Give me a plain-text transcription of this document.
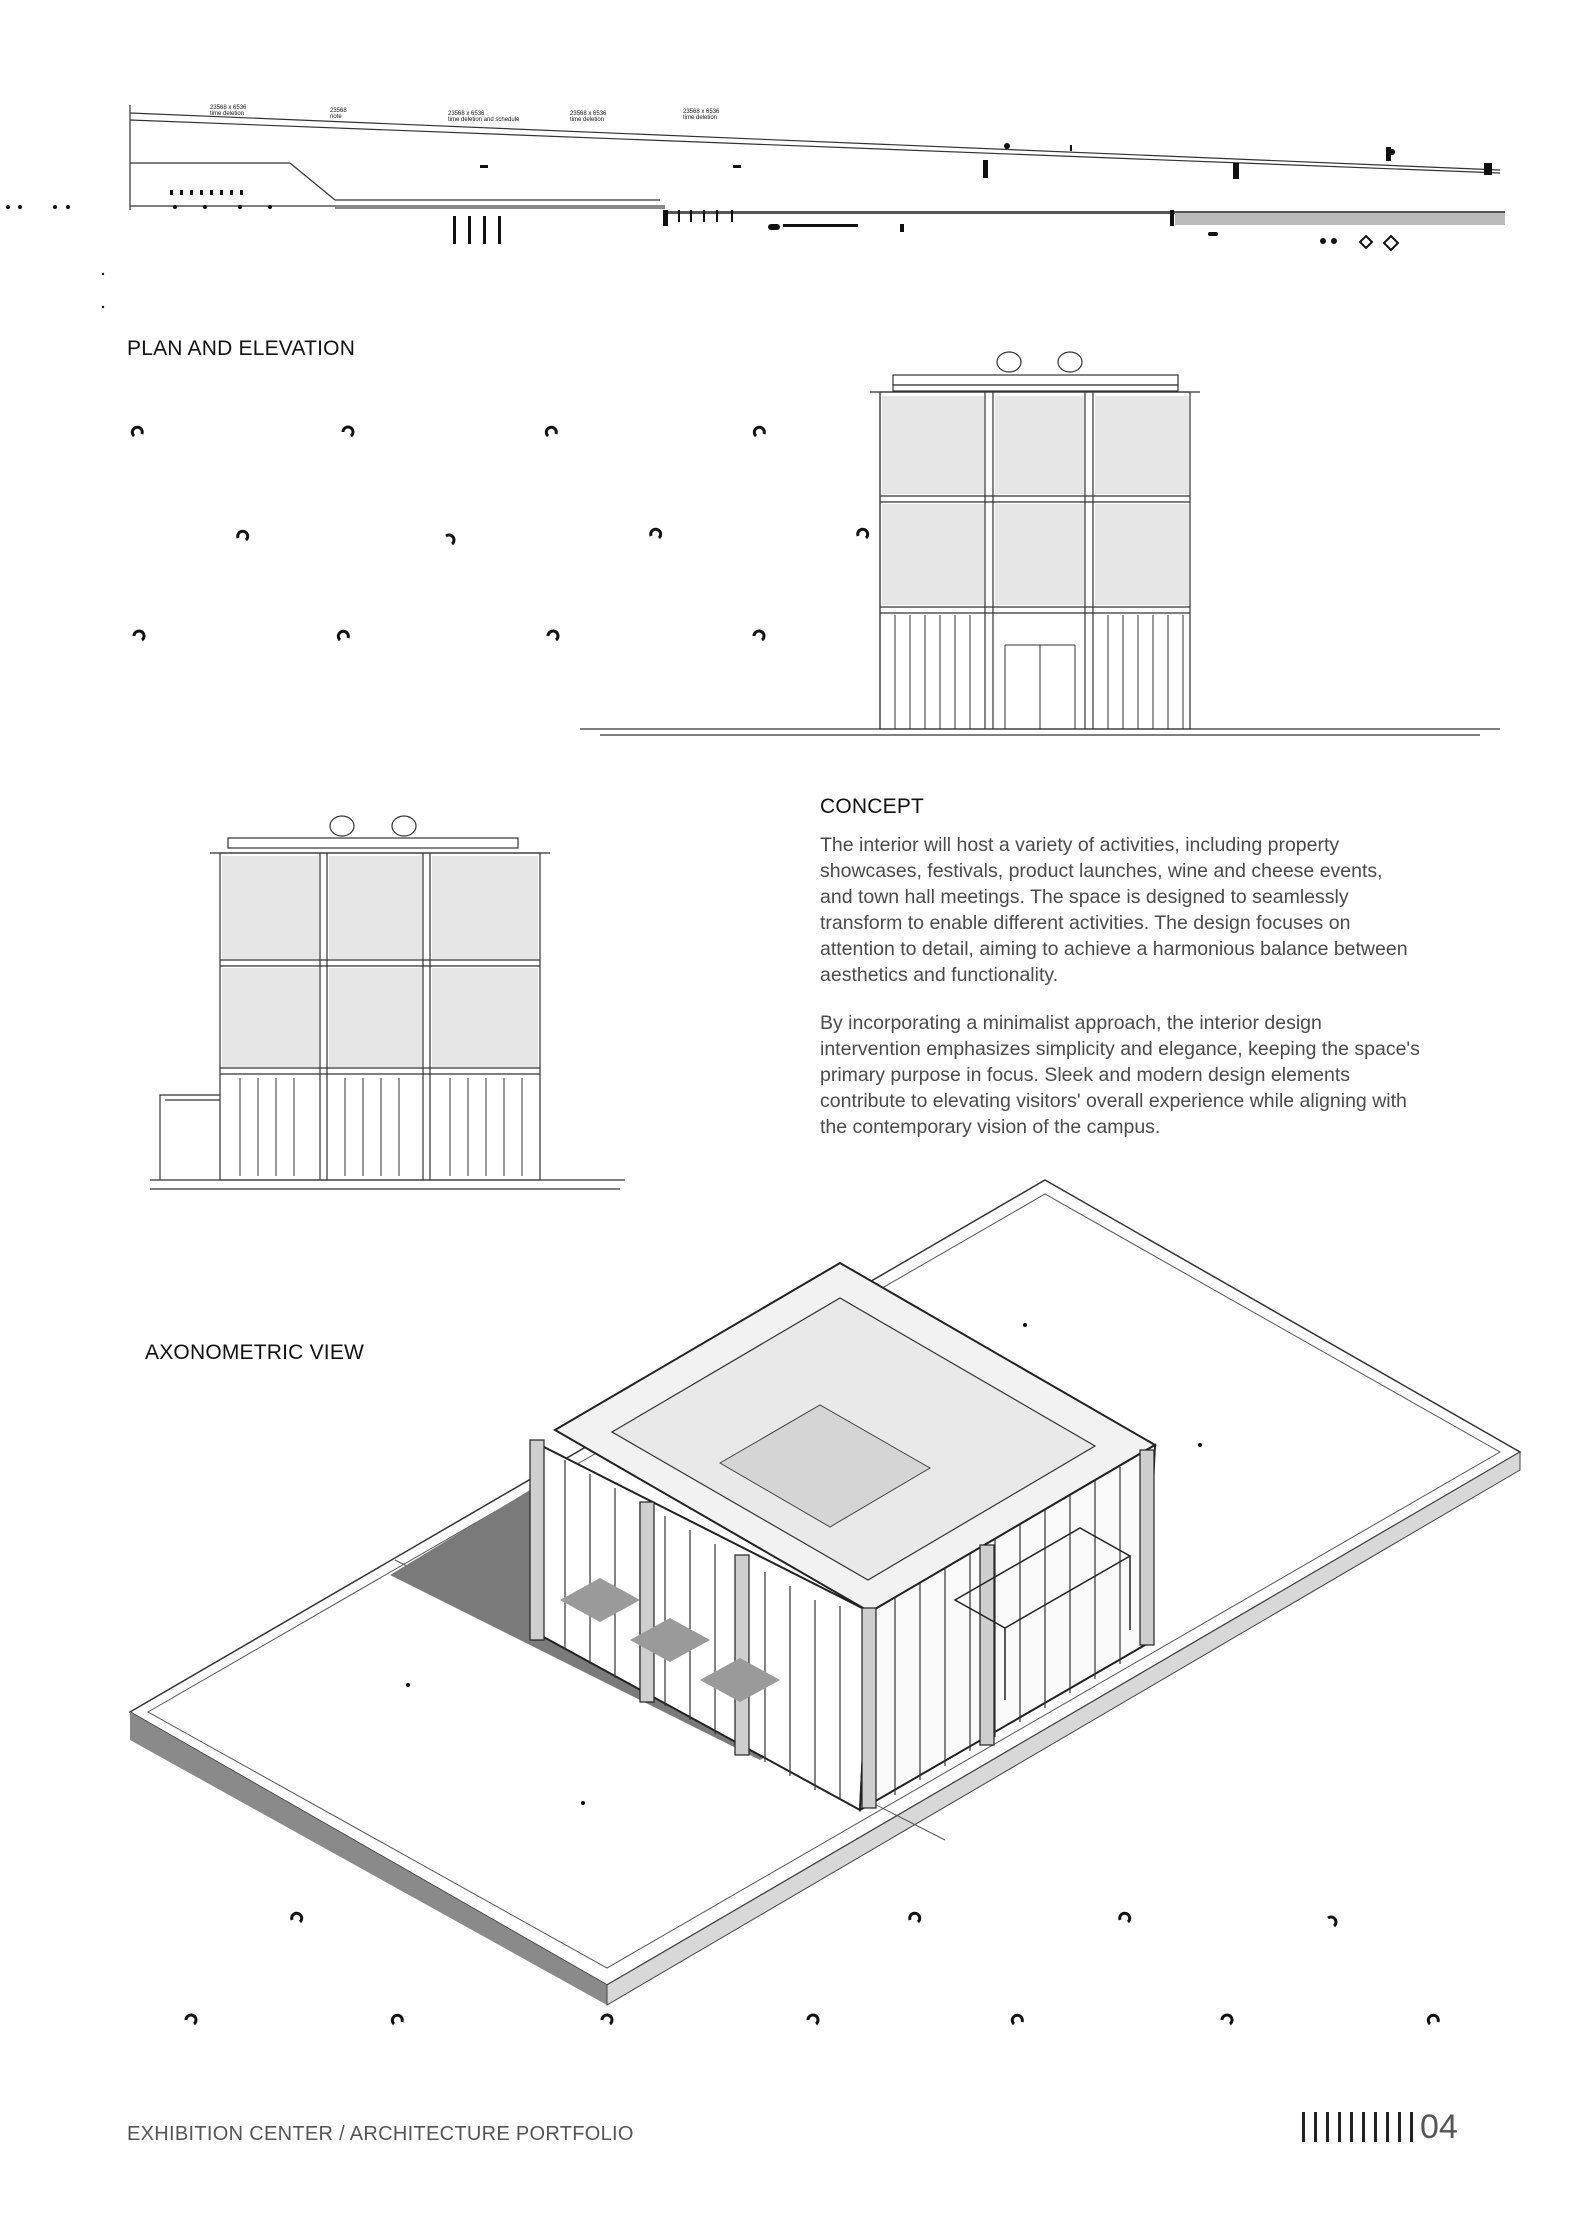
23568 x 6536
time deletion	23568
note	23568 x 6536
time deletion and schedule
23568 x 6536
time deletion
23568 x 6536
time deletion
PLAN AND ELEVATION
CONCEPT
AXONOMETRIC VIEW

The interior will host a variety of activities, including property showcases, festivals, product launches, wine and cheese events, and town hall meetings. The space is designed to seamlessly transform to enable different activities. The design focuses on attention to detail, aiming to achieve a harmonious balance between aesthetics and functionality.

By incorporating a minimalist approach, the interior design intervention emphasizes simplicity and elegance, keeping the space's primary purpose in focus. Sleek and modern design elements contribute to elevating visitors' overall experience while aligning with the contemporary vision of the campus.

EXHIBITION CENTER / ARCHITECTURE PORTFOLIO	04
